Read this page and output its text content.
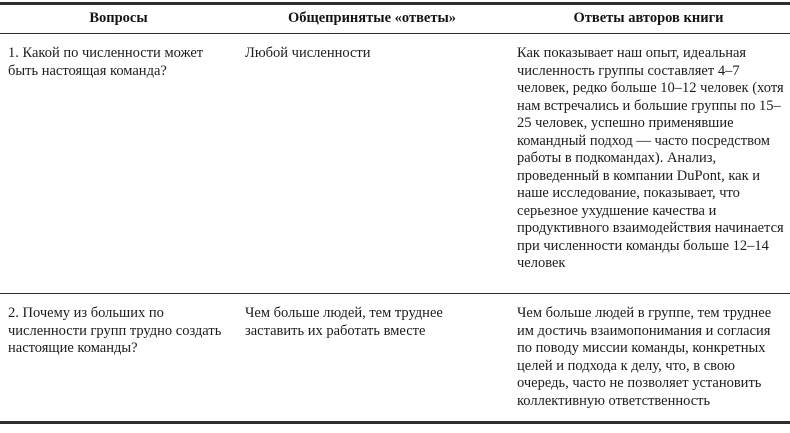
Вопросы	Общепринятые «ответы»	Ответы авторов книги
1. Какой по численности может быть настоящая команда?	Любой численности	Как показывает наш опыт, идеальная численность группы составляет 4–7 человек, редко больше 10–12 человек (хотя нам встречались и большие группы по 15–25 человек, успешно применявшие командный подход — часто посредством работы в подкомандах). Анализ, проведенный в компании DuPont, как и наше исследование, показывает, что серьезное ухудшение качества и продуктивного взаимодействия начинается при численности команды больше 12–14 человек
2. Почему из больших по численности групп трудно создать настоящие команды?	Чем больше людей, тем труднее заставить их работать вместе	Чем больше людей в группе, тем труднее им достичь взаимопонимания и согласия по поводу миссии команды, конкретных целей и подхода к делу, что, в свою очередь, часто не позволяет установить коллективную ответственность
